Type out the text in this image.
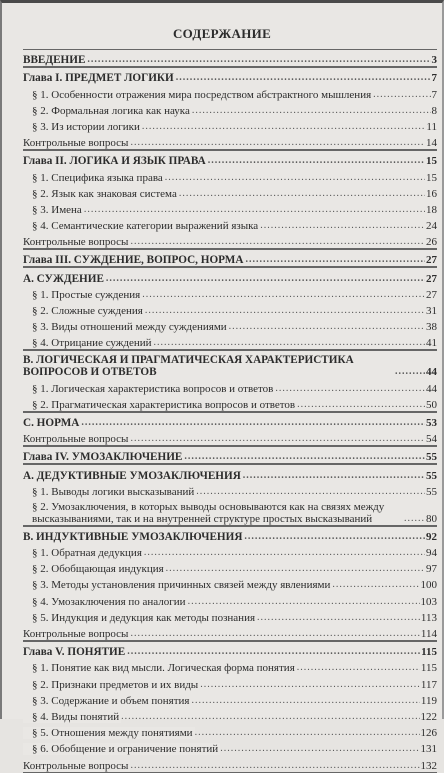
СОДЕРЖАНИЕ
ВВЕДЕНИЕ .....	3
Глава I. ПРЕДМЕТ ЛОГИКИ .....	7
§ 1. Особенности отражения мира посредством абстрактного мышления .....	7
§ 2. Формальная логика как наука .....	8
§ 3. Из истории логики .....	11
Контрольные вопросы .....	14
Глава II. ЛОГИКА И ЯЗЫК ПРАВА .....	15
§ 1. Специфика языка права .....	15
§ 2. Язык как знаковая система .....	16
§ 3. Имена .....	18
§ 4. Семантические категории выражений языка .....	24
Контрольные вопросы .....	26
Глава III. СУЖДЕНИЕ, ВОПРОС, НОРМА .....	27
А. СУЖДЕНИЕ .....	27
§ 1. Простые суждения .....	27
§ 2. Сложные суждения .....	31
§ 3. Виды отношений между суждениями .....	38
§ 4. Отрицание суждений .....	41
В. ЛОГИЧЕСКАЯ И ПРАГМАТИЧЕСКАЯ ХАРАКТЕРИСТИКА ВОПРОСОВ И ОТВЕТОВ .....	44
§ 1. Логическая характеристика вопросов и ответов .....	44
§ 2. Прагматическая характеристика вопросов и ответов .....	50
С. НОРМА .....	53
Контрольные вопросы .....	54
Глава IV. УМОЗАКЛЮЧЕНИЕ .....	55
А. ДЕДУКТИВНЫЕ УМОЗАКЛЮЧЕНИЯ .....	55
§ 1. Выводы логики высказываний .....	55
§ 2. Умозаключения, в которых выводы основываются как на связях между высказываниями, так и на внутренней структуре простых высказываний .....	80
В. ИНДУКТИВНЫЕ УМОЗАКЛЮЧЕНИЯ .....	92
§ 1. Обратная дедукция .....	94
§ 2. Обобщающая индукция .....	97
§ 3. Методы установления причинных связей между явлениями .....	100
§ 4. Умозаключения по аналогии .....	103
§ 5. Индукция и дедукция как методы познания .....	113
Контрольные вопросы .....	114
Глава V. ПОНЯТИЕ .....	115
§ 1. Понятие как вид мысли. Логическая форма понятия .....	115
§ 2. Признаки предметов и их виды .....	117
§ 3. Содержание и объем понятия .....	119
§ 4. Виды понятий .....	122
§ 5. Отношения между понятиями .....	126
§ 6. Обобщение и ограничение понятий .....	131
Контрольные вопросы .....	132
